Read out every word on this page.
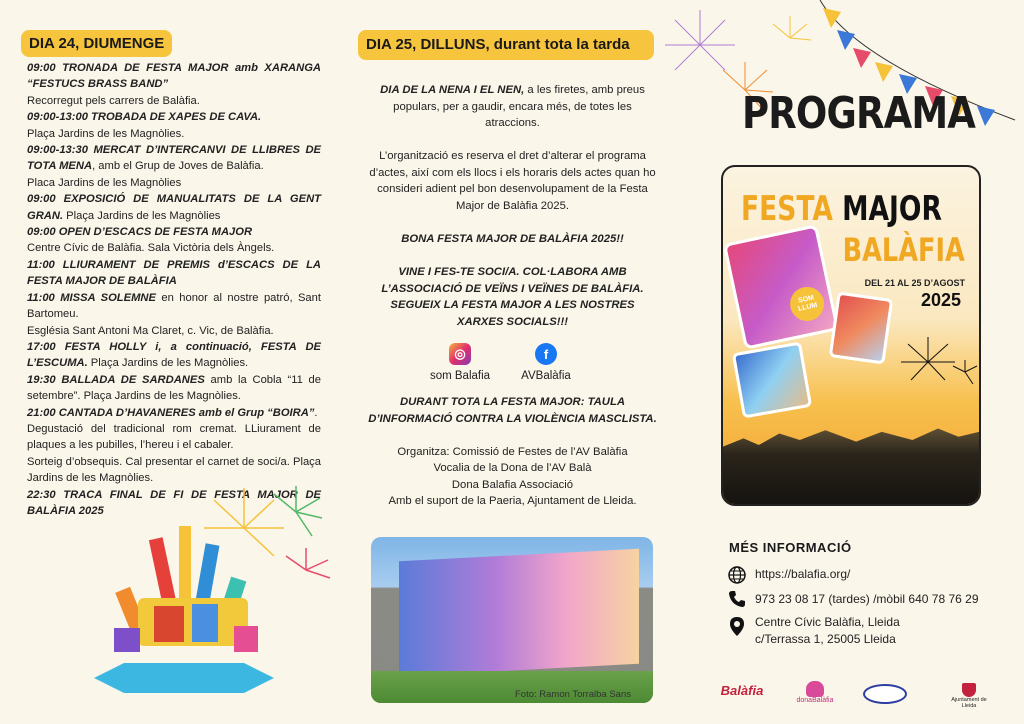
DIA 24, DIUMENGE

09:00 TRONADA DE FESTA MAJOR amb XARANGA “FESTUCS BRASS BAND”

Recorregut pels carrers de Balàfia.

09:00-13:00 TROBADA DE XAPES DE CAVA.

Plaça Jardins de les Magnòlies.

09:00-13:30 MERCAT D’INTERCANVI DE LLIBRES DE TOTA MENA, amb el Grup de Joves de Balàfia.

Placa Jardins de les Magnòlies

09:00 EXPOSICIÓ DE MANUALITATS DE LA GENT GRAN. Plaça Jardins de les Magnòlies

09:00 OPEN D’ESCACS DE FESTA MAJOR

Centre Cívic de Balàfia. Sala Victòria dels Àngels.

11:00 LLIURAMENT DE PREMIS d’ESCACS DE LA FESTA MAJOR DE BALÀFIA

11:00 MISSA SOLEMNE en honor al nostre patró, Sant Bartomeu.

Església Sant Antoni Ma Claret, c. Vic, de Balàfia.

17:00 FESTA HOLLY i, a continuació, FESTA DE L’ESCUMA. Plaça Jardins de les Magnòlies.

19:30 BALLADA DE SARDANES amb la Cobla “11 de setembre”. Plaça Jardins de les Magnòlies.

21:00 CANTADA D’HAVANERES amb el Grup “BOIRA”.

Degustació del tradicional rom cremat. LLiurament de plaques a les pubilles, l’hereu i el cabaler.

Sorteig d’obsequis. Cal presentar el carnet de soci/a. Plaça Jardins de les Magnòlies.

22:30 TRACA FINAL DE FI DE FESTA MAJOR DE BALÀFIA 2025

DIA 25, DILLUNS, durant tota la tarda
DIA DE LA NENA I EL NEN, a les firetes, amb preus populars, per a gaudir, encara més, de totes les atraccions.
L’organització es reserva el dret d’alterar el programa d’actes, així com els llocs i els horaris dels actes quan ho consideri adient pel bon desenvolupament de la Festa Major de Balàfia 2025.
BONA FESTA MAJOR DE BALÀFIA 2025!!
VINE I FES-TE SOCI/A. COL·LABORA AMB L’ASSOCIACIÓ DE VEÏNS I VEÏNES DE BALÀFIA. SEGUEIX LA FESTA MAJOR A LES NOSTRES XARXES SOCIALS!!!
◎
som Balafia
f
AVBalàfia
DURANT TOTA LA FESTA MAJOR: TAULA D’INFORMACIÓ CONTRA LA VIOLÈNCIA MASCLISTA.
Organitza: Comissió de Festes de l’AV Balàfia
Vocalia de la Dona de l’AV Balà
Dona Balafia Associació
Amb el suport de la Paeria, Ajuntament de Lleida.
Foto: Ramon Torralba Sans
PROGRAMA
FESTA MAJOR
BALÀFIA
DEL 21 AL 25 D’AGOST
2025
SOM LLUM
MÉS INFORMACIÓ
https://balafia.org/
973 23 08 17 (tardes) /mòbil 640 78 76 29
Centre Cívic Balàfia, Lleida
c/Terrassa 1, 25005 Lleida
Balàfia
donaBalàfia	Ajuntament de Lleida
